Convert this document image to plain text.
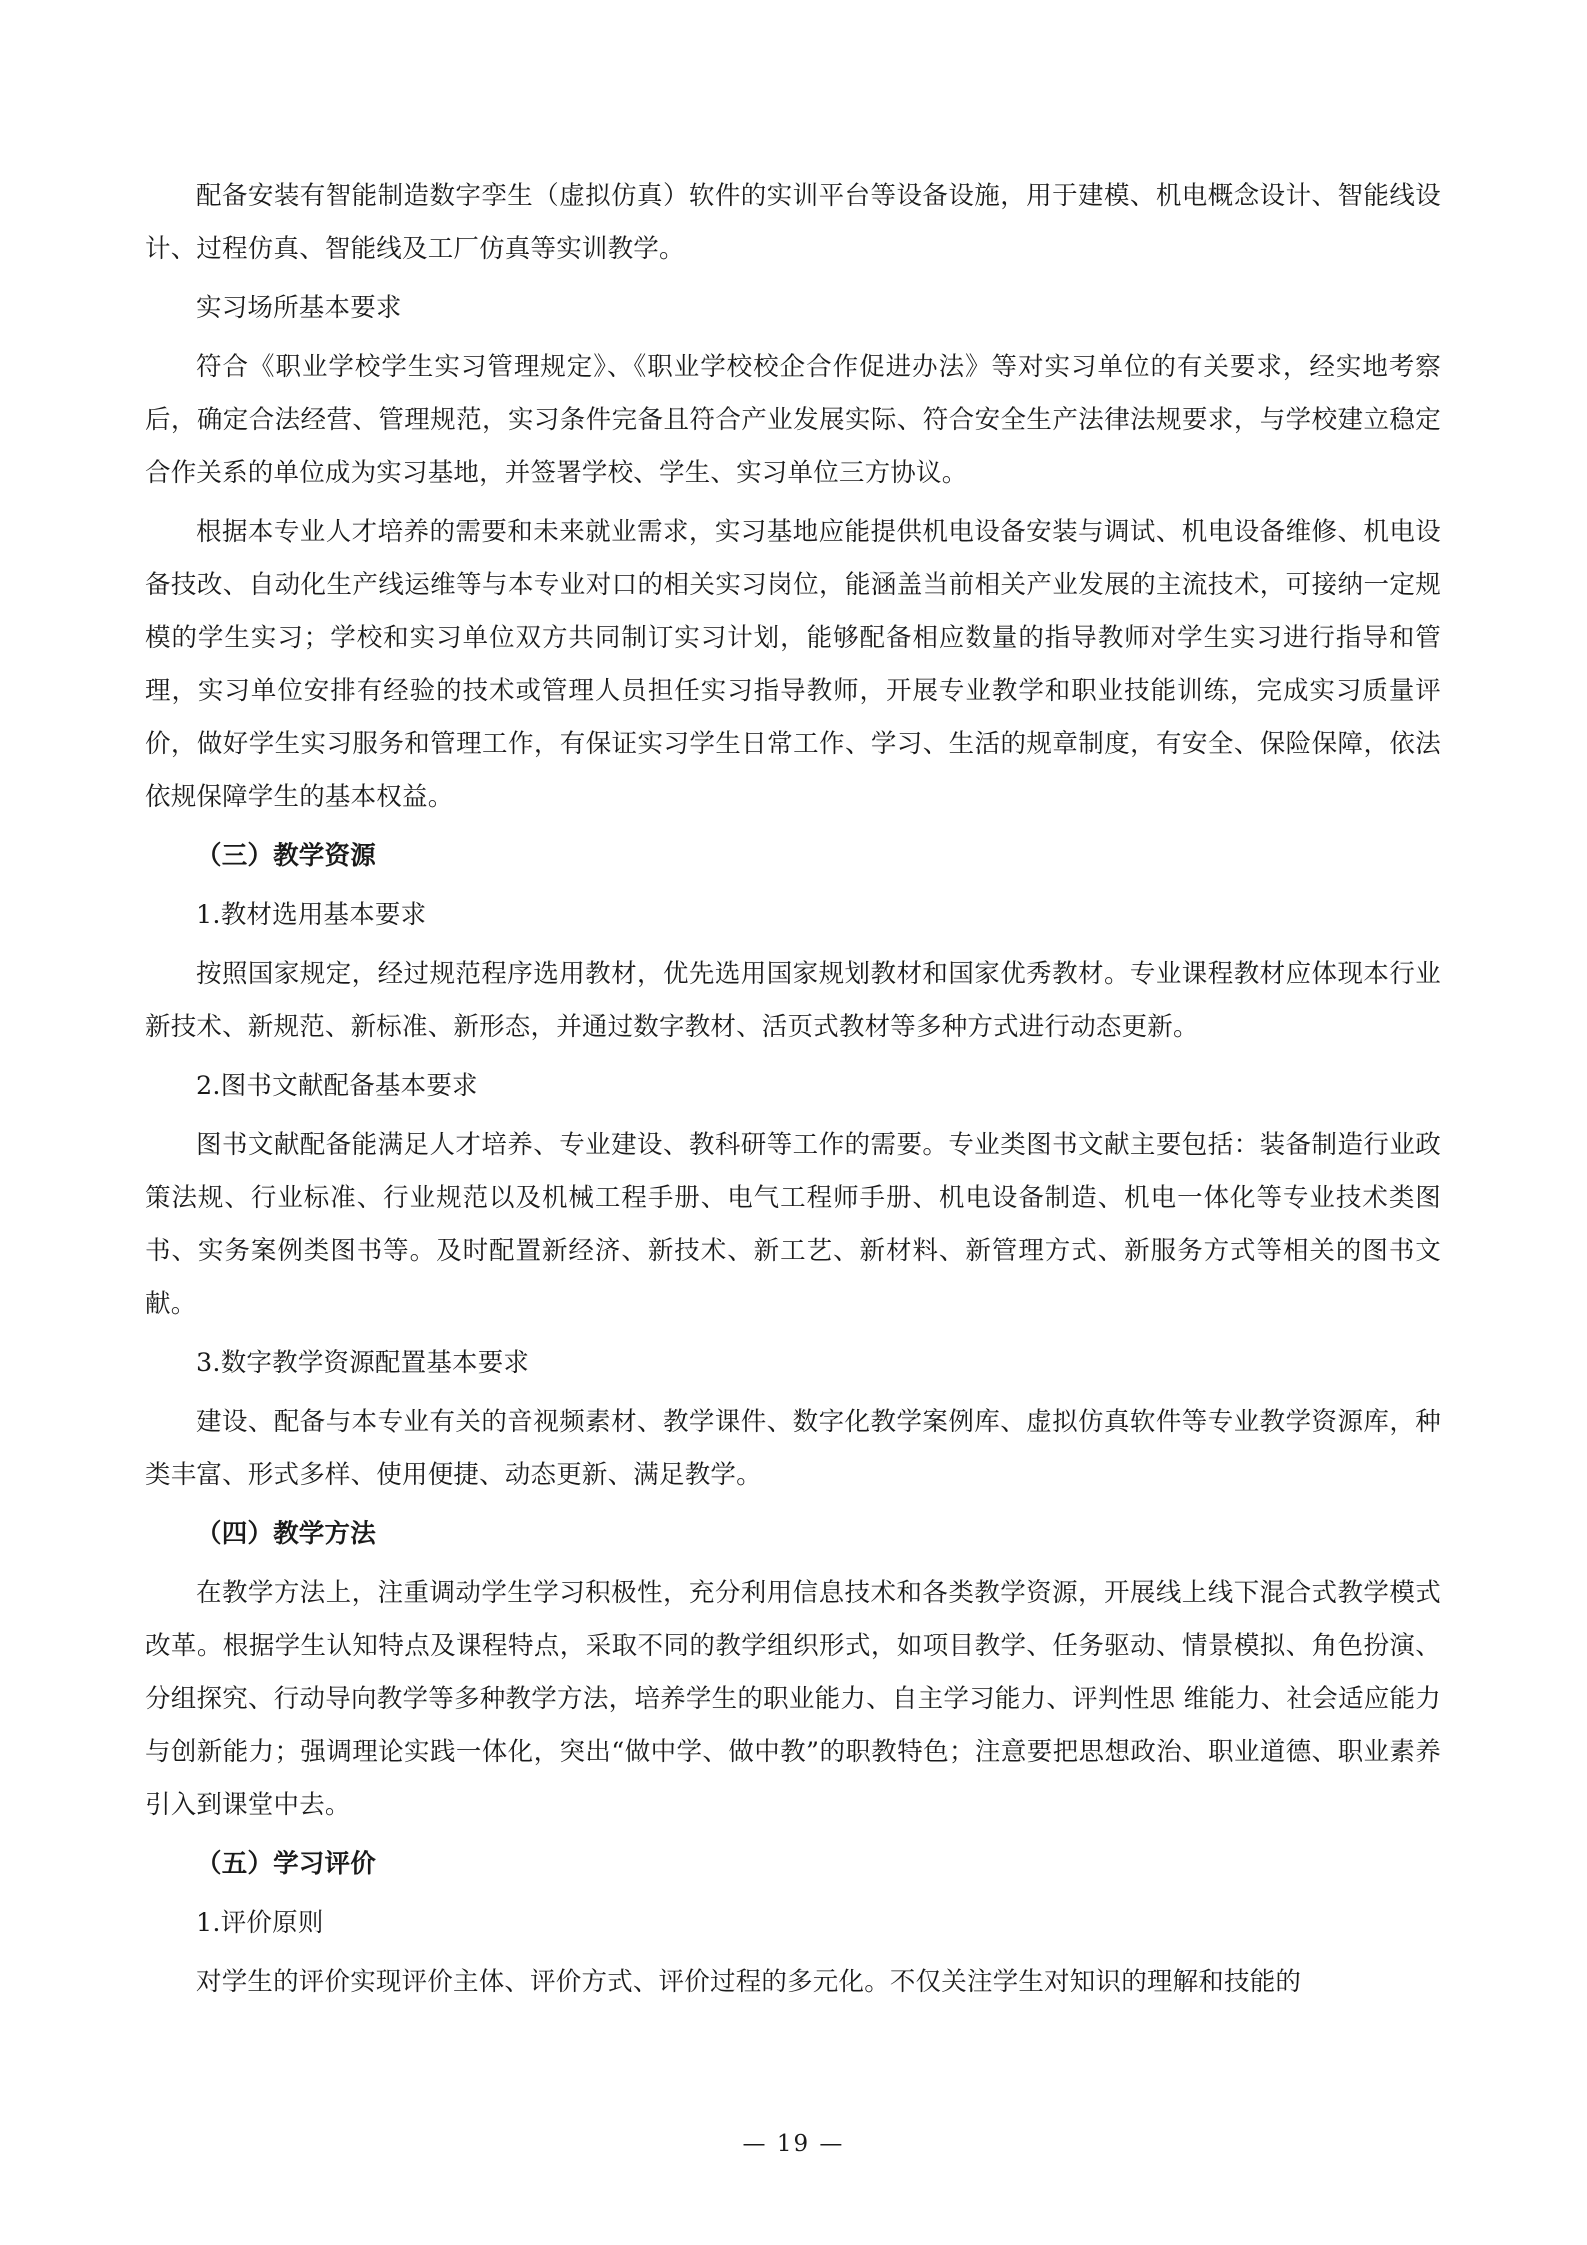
配备安装有智能制造数字孪生（虚拟仿真）软件的实训平台等设备设施，用于建模、机电概念设计、智能线设计、过程仿真、智能线及工厂仿真等实训教学。

实习场所基本要求

符合《职业学校学生实习管理规定》、《职业学校校企合作促进办法》等对实习单位的有关要求，经实地考察后，确定合法经营、管理规范，实习条件完备且符合产业发展实际、符合安全生产法律法规要求，与学校建立稳定合作关系的单位成为实习基地，并签署学校、学生、实习单位三方协议。

根据本专业人才培养的需要和未来就业需求，实习基地应能提供机电设备安装与调试、机电设备维修、机电设备技改、自动化生产线运维等与本专业对口的相关实习岗位，能涵盖当前相关产业发展的主流技术，可接纳一定规模的学生实习；学校和实习单位双方共同制订实习计划，能够配备相应数量的指导教师对学生实习进行指导和管理，实习单位安排有经验的技术或管理人员担任实习指导教师，开展专业教学和职业技能训练，完成实习质量评价，做好学生实习服务和管理工作，有保证实习学生日常工作、学习、生活的规章制度，有安全、保险保障，依法依规保障学生的基本权益。

（三）教学资源

1.教材选用基本要求

按照国家规定，经过规范程序选用教材，优先选用国家规划教材和国家优秀教材。专业课程教材应体现本行业新技术、新规范、新标准、新形态，并通过数字教材、活页式教材等多种方式进行动态更新。

2.图书文献配备基本要求

图书文献配备能满足人才培养、专业建设、教科研等工作的需要。专业类图书文献主要包括：装备制造行业政策法规、行业标准、行业规范以及机械工程手册、电气工程师手册、机电设备制造、机电一体化等专业技术类图书、实务案例类图书等。及时配置新经济、新技术、新工艺、新材料、新管理方式、新服务方式等相关的图书文献。

3.数字教学资源配置基本要求

建设、配备与本专业有关的音视频素材、教学课件、数字化教学案例库、虚拟仿真软件等专业教学资源库，种类丰富、形式多样、使用便捷、动态更新、满足教学。

（四）教学方法

在教学方法上，注重调动学生学习积极性，充分利用信息技术和各类教学资源，开展线上线下混合式教学模式改革。根据学生认知特点及课程特点，采取不同的教学组织形式，如项目教学、任务驱动、情景模拟、角色扮演、分组探究、行动导向教学等多种教学方法，培养学生的职业能力、自主学习能力、评判性思 维能力、社会适应能力与创新能力；强调理论实践一体化，突出“做中学、做中教”的职教特色；注意要把思想政治、职业道德、职业素养引入到课堂中去。

（五）学习评价

1.评价原则

对学生的评价实现评价主体、评价方式、评价过程的多元化。不仅关注学生对知识的理解和技能的

— 19 —
